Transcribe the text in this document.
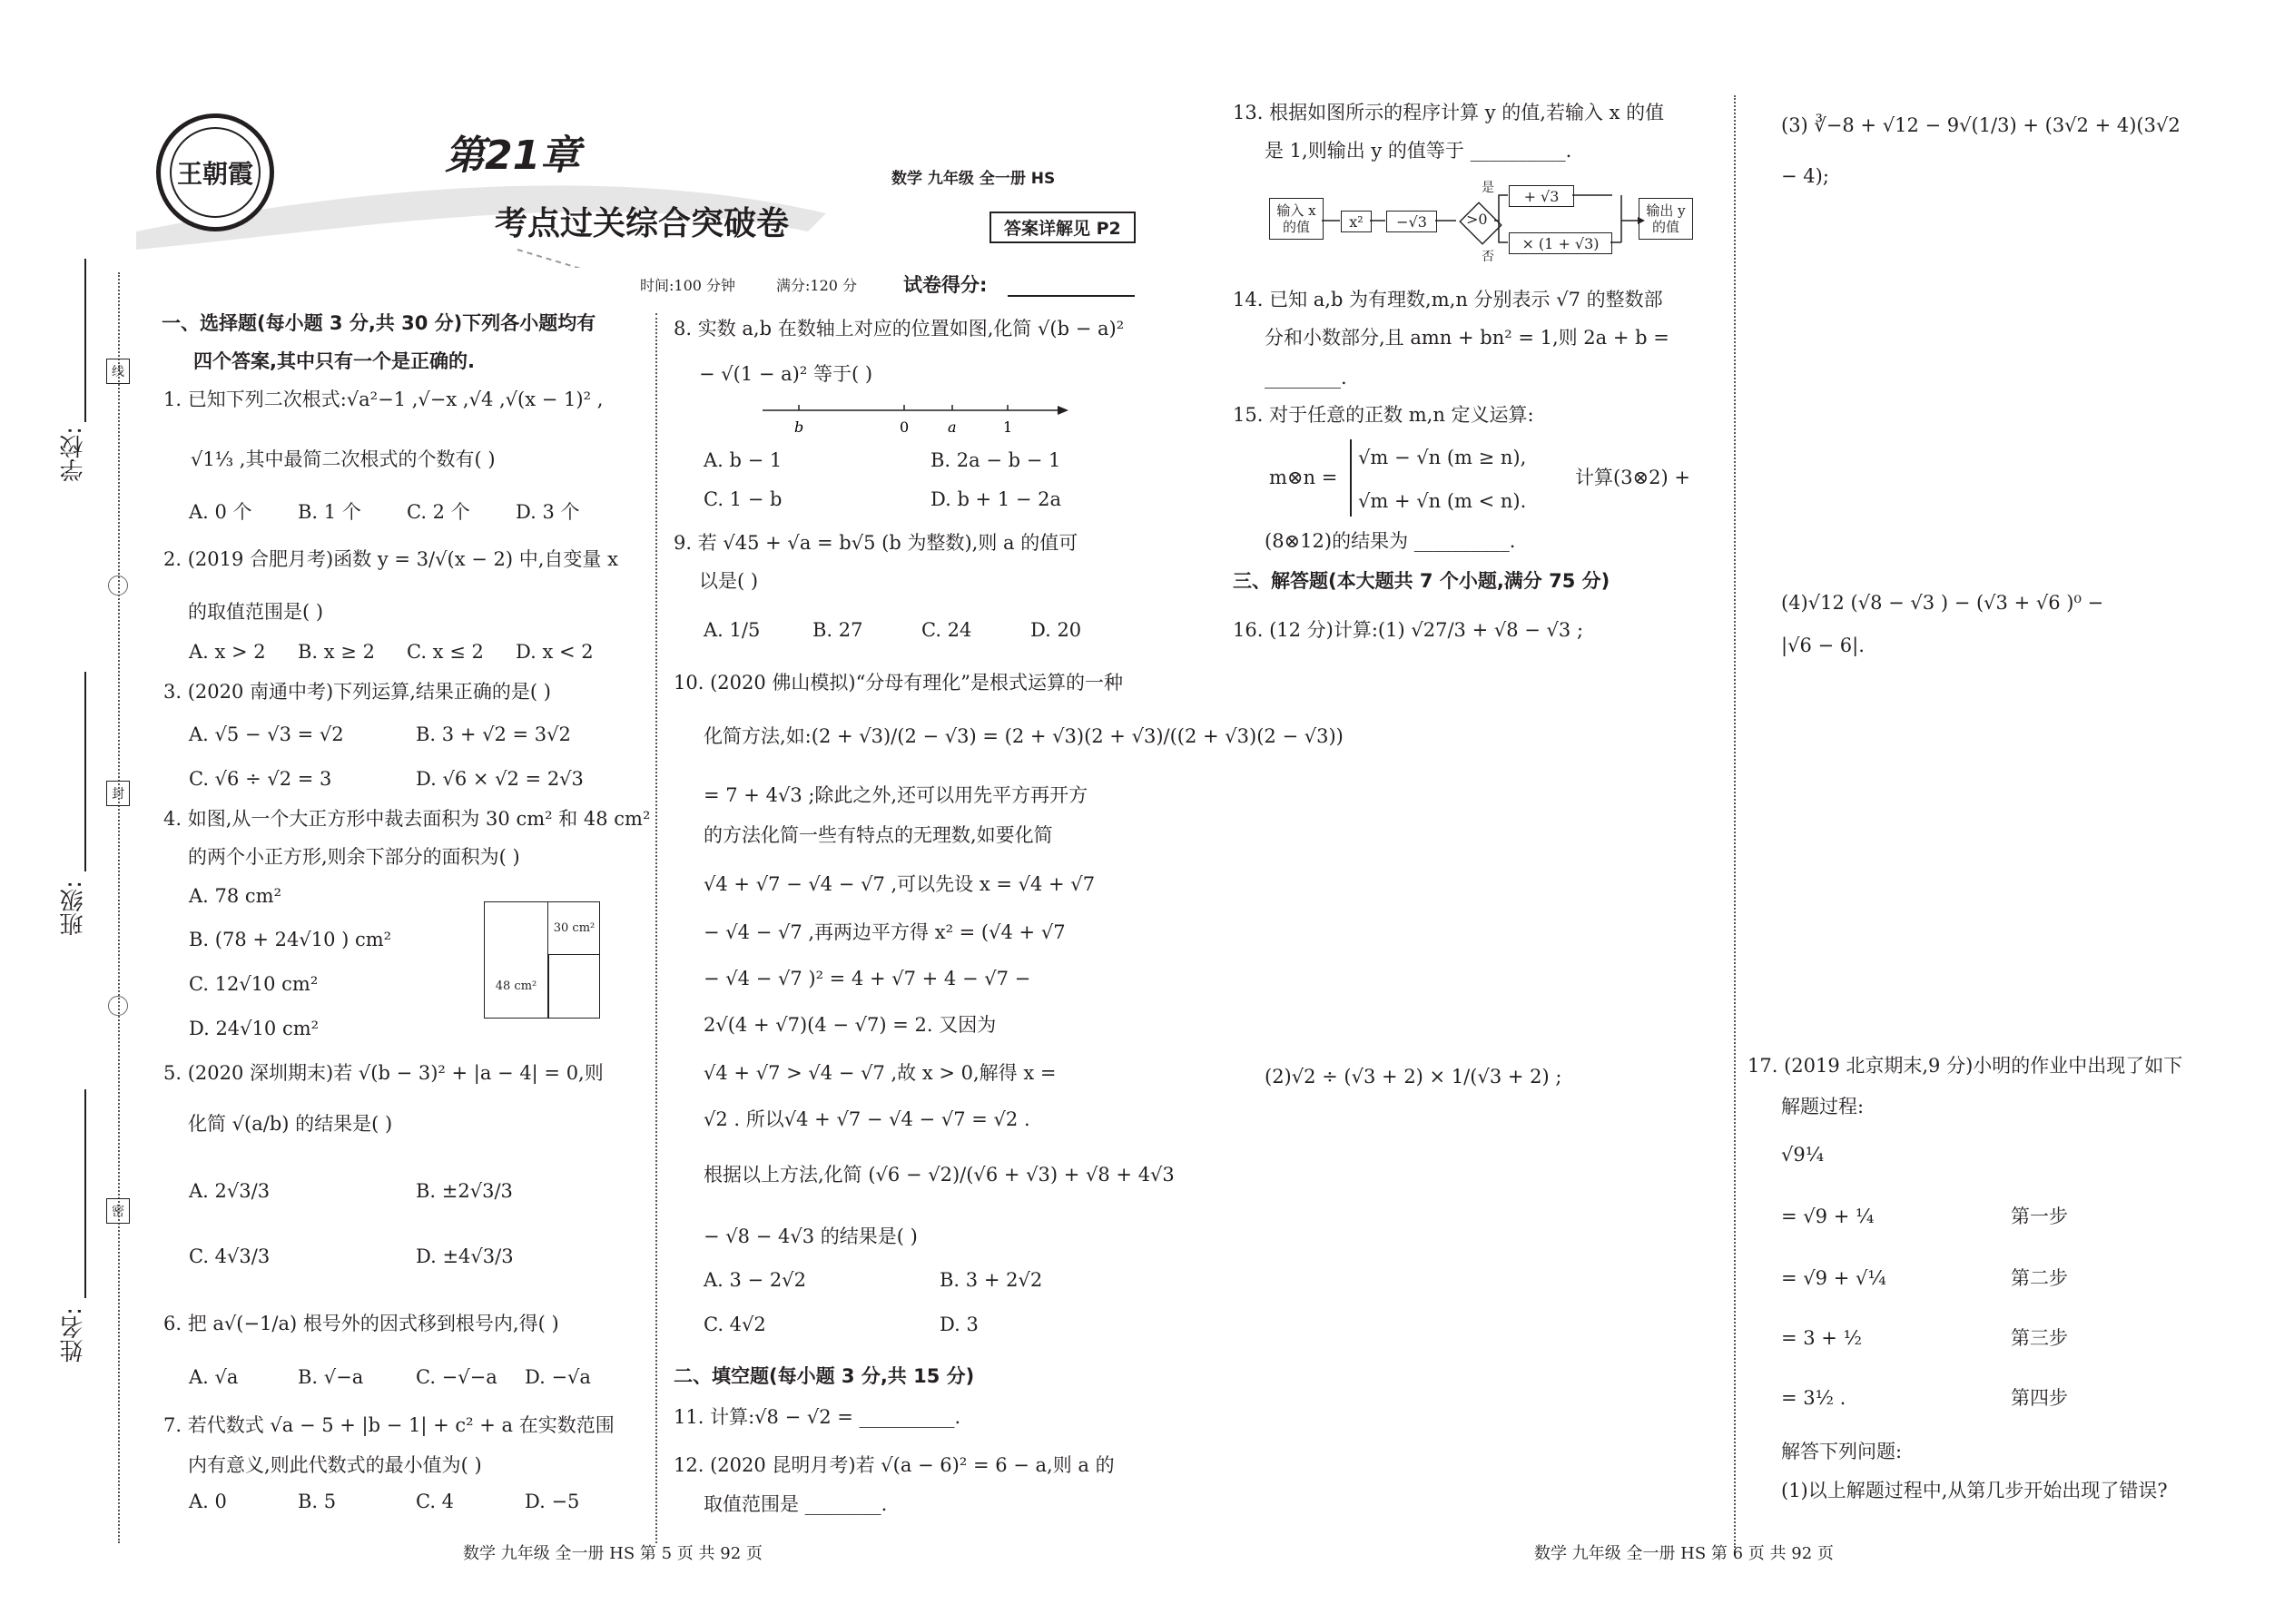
学校:
班级:
姓名:
线
封
密
王朝霞	第21章
考点过关综合突破卷
数学 九年级 全一册 HS
答案详解见 P2
时间:100 分钟	满分:120 分 试卷得分:
一、选择题(每小题 3 分,共 30 分)下列各小题均有
四个答案,其中只有一个是正确的.
1. 已知下列二次根式:√a²−1 ,√−x ,√4 ,√(x − 1)² ,
√1⅓ ,其中最简二次根式的个数有( )
A. 0 个 B. 1 个 C. 2 个 D. 3 个
2. (2019 合肥月考)函数 y = 3/√(x − 2) 中,自变量 x
的取值范围是( )
A. x > 2 B. x ≥ 2 C. x ≤ 2 D. x < 2
3. (2020 南通中考)下列运算,结果正确的是( )
A. √5 − √3 = √2	B. 3 + √2 = 3√2
C. √6 ÷ √2 = 3	D. √6 × √2 = 2√3
4. 如图,从一个大正方形中裁去面积为 30 cm² 和 48 cm²
的两个小正方形,则余下部分的面积为( )
A. 78 cm²
B. (78 + 24√10 ) cm²
C. 12√10 cm²
D. 24√10 cm²
30 cm²
48 cm²
5. (2020 深圳期末)若 √(b − 3)² + |a − 4| = 0,则
化简 √(a/b) 的结果是( )
A. 2√3/3	B. ±2√3/3
C. 4√3/3	D. ±4√3/3
6. 把 a√(−1/a) 根号外的因式移到根号内,得( )
A. √a	B. √−a	C. −√−a D. −√a
7. 若代数式 √a − 5 + |b − 1| + c² + a 在实数范围
内有意义,则此代数式的最小值为( )
A. 0	B. 5	C. 4	D. −5
8. 实数 a,b 在数轴上对应的位置如图,化简 √(b − a)²
− √(1 − a)² 等于( )
b	0	a	1
A. b − 1	B. 2a − b − 1
C. 1 − b	D. b + 1 − 2a
9. 若 √45 + √a = b√5 (b 为整数),则 a 的值可
以是( )
A. 1/5	B. 27	C. 24	D. 20
10. (2020 佛山模拟)“分母有理化”是根式运算的一种
化简方法,如:(2 + √3)/(2 − √3) = (2 + √3)(2 + √3)/((2 + √3)(2 − √3))
= 7 + 4√3 ;除此之外,还可以用先平方再开方
的方法化简一些有特点的无理数,如要化简
√4 + √7 − √4 − √7 ,可以先设 x = √4 + √7
− √4 − √7 ,再两边平方得 x² = (√4 + √7
− √4 − √7 )² = 4 + √7 + 4 − √7 −
2√(4 + √7)(4 − √7) = 2. 又因为
√4 + √7 > √4 − √7 ,故 x > 0,解得 x =
√2 . 所以√4 + √7 − √4 − √7 = √2 .
根据以上方法,化简 (√6 − √2)/(√6 + √3) + √8 + 4√3
− √8 − 4√3 的结果是( )
A. 3 − 2√2	B. 3 + 2√2
C. 4√2	D. 3
二、填空题(每小题 3 分,共 15 分)
11. 计算:√8 − √2 = __________.
12. (2020 昆明月考)若 √(a − 6)² = 6 − a,则 a 的
取值范围是 ________.
13. 根据如图所示的程序计算 y 的值,若输入 x 的值
是 1,则输出 y 的值等于 __________.
输入 x 的值	x²	−√3	>0
是
否
+ √3
× (1 + √3)
输出 y 的值
14. 已知 a,b 为有理数,m,n 分别表示 √7 的整数部
分和小数部分,且 amn + bn² = 1,则 2a + b =
________.
15. 对于任意的正数 m,n 定义运算:
m⊗n =
√m − √n (m ≥ n),
√m + √n (m < n).
计算(3⊗2) +
(8⊗12)的结果为 __________.
三、解答题(本大题共 7 个小题,满分 75 分)
16. (12 分)计算:(1) √27/3 + √8 − √3 ;
(2)√2 ÷ (√3 + 2) × 1/(√3 + 2) ;
(3) ∛−8 + √12 − 9√(1/3) + (3√2 + 4)(3√2
− 4);
(4)√12 (√8 − √3 ) − (√3 + √6 )⁰ −
|√6 − 6|.
17. (2019 北京期末,9 分)小明的作业中出现了如下
解题过程:
√9¼
= √9 + ¼	第一步
= √9 + √¼	第二步
= 3 + ½	第三步
= 3½ .	第四步
解答下列问题:
(1)以上解题过程中,从第几步开始出现了错误?
数学 九年级 全一册 HS 第 5 页 共 92 页	数学 九年级 全一册 HS 第 6 页 共 92 页
